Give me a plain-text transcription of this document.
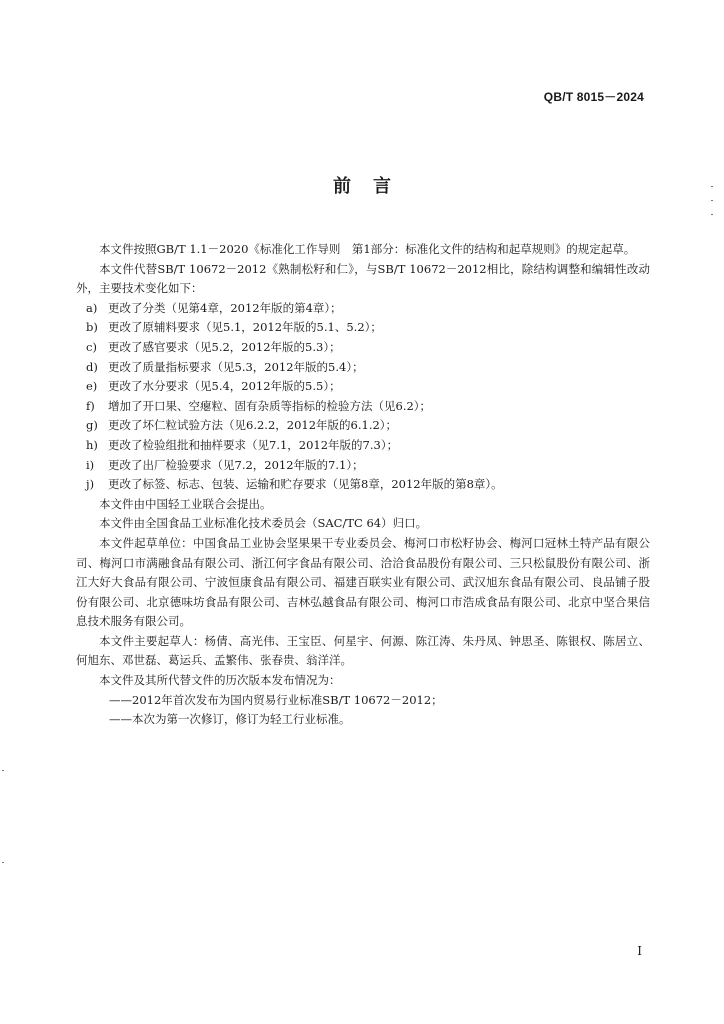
QB/T 8015－2024
前言

本文件按照GB/T 1.1－2020《标准化工作导则　第1部分：标准化文件的结构和起草规则》的规定起草。

本文件代替SB/T 10672－2012《熟制松籽和仁》，与SB/T 10672－2012相比，除结构调整和编辑性改动外，主要技术变化如下：

a) 更改了分类（见第4章，2012年版的第4章）；
b) 更改了原辅料要求（见5.1，2012年版的5.1、5.2）；
c) 更改了感官要求（见5.2，2012年版的5.3）；
d) 更改了质量指标要求（见5.3，2012年版的5.4）；
e) 更改了水分要求（见5.4，2012年版的5.5）；
f) 增加了开口果、空瘪粒、固有杂质等指标的检验方法（见6.2）；
g) 更改了坏仁粒试验方法（见6.2.2，2012年版的6.1.2）；
h) 更改了检验组批和抽样要求（见7.1，2012年版的7.3）；
i) 更改了出厂检验要求（见7.2，2012年版的7.1）；
j) 更改了标签、标志、包装、运输和贮存要求（见第8章，2012年版的第8章）。

本文件由中国轻工业联合会提出。

本文件由全国食品工业标准化技术委员会（SAC/TC 64）归口。

本文件起草单位：中国食品工业协会坚果果干专业委员会、梅河口市松籽协会、梅河口冠林土特产品有限公司、梅河口市满融食品有限公司、浙江何字食品有限公司、洽洽食品股份有限公司、三只松鼠股份有限公司、浙江大好大食品有限公司、宁波恒康食品有限公司、福建百联实业有限公司、武汉旭东食品有限公司、良品铺子股份有限公司、北京德味坊食品有限公司、吉林弘越食品有限公司、梅河口市浩成食品有限公司、北京中坚合果信息技术服务有限公司。

本文件主要起草人：杨倩、高光伟、王宝臣、何星宇、何源、陈江涛、朱丹凤、钟思圣、陈银权、陈居立、何旭东、邓世磊、葛运兵、孟繁伟、张春贵、翁洋洋。

本文件及其所代替文件的历次版本发布情况为：

——2012年首次发布为国内贸易行业标准SB/T 10672－2012；

——本次为第一次修订，修订为轻工行业标准。

I
